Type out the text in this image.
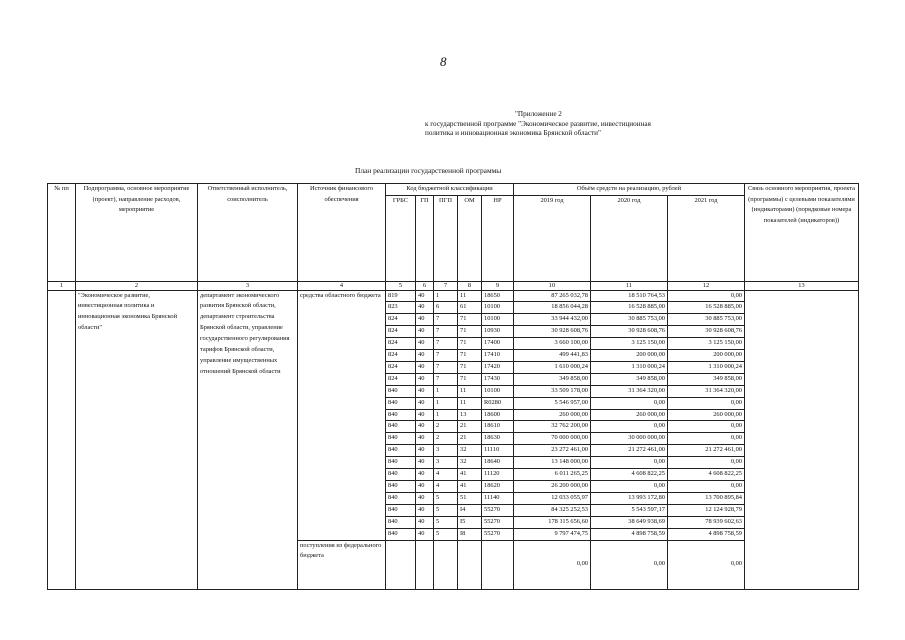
8
"Приложение 2
к государственной программе "Экономическое развитие, инвестиционная
политика и инновационная экономика Брянской области"
План реализации государственной программы
№ пп	Подпрограмма, основное мероприятие (проект), направление расходов, мероприятие	Ответственный исполнитель, соисполнитель	Источник финансового обеспечения	Код бюджетной классификации					Объём средств на реализацию, рублей			Связь основного мероприятия, проекта (программы) с целевыми показателями (индикаторами) (порядковые номера показателей (индикаторов))
				ГРБС	ГП	ПГП	ОМ	НР	2019 год	2020 год	2021 год	
1	2	3	4	5	6	7	8	9	10	11	12	13
	"Экономическое развитие, инвестиционная политика и инновационная экономика Брянской области"	департамент экономического развития Брянской области, департамент строительства Брянской области, управление государственного регулирования тарифов Брянской области, управление имущественных отношений Брянской области	средства областного бюджета	819	40	1	11	18650	87 265 032,78	18 510 764,53	0,00	
				823	40	6	61	10100	18 856 044,28	16 528 885,00	16 528 885,00	
				824	40	7	71	10100	33 944 432,00	30 885 753,00	30 885 753,00	
				824	40	7	71	10930	30 928 608,76	30 928 608,76	30 928 608,76	
				824	40	7	71	17400	3 660 100,00	3 125 150,00	3 125 150,00	
				824	40	7	71	17410	499 441,83	200 000,00	200 000,00	
				824	40	7	71	17420	1 610 000,24	1 310 000,24	1 310 000,24	
				824	40	7	71	17430	349 858,00	349 858,00	349 858,00	
				840	40	1	11	10100	33 509 178,00	31 364 320,00	31 364 320,00	
				840	40	1	11	R0280	5 546 957,00	0,00	0,00	
				840	40	1	13	18600	260 000,00	260 000,00	260 000,00	
				840	40	2	21	18610	32 762 200,00	0,00	0,00	
				840	40	2	21	18630	70 000 000,00	30 000 000,00	0,00	
				840	40	3	32	11110	23 272 461,00	21 272 461,00	21 272 461,00	
				840	40	3	32	18640	13 148 000,00	0,00	0,00	
				840	40	4	41	11120	6 011 265,25	4 608 822,25	4 608 822,25	
				840	40	4	41	18620	26 200 000,00	0,00	0,00	
				840	40	5	51	11140	12 033 055,97	13 993 172,80	13 700 895,84	
				840	40	5	I4	55270	84 325 252,53	5 543 597,17	12 124 928,79	
				840	40	5	I5	55270	178 115 656,60	38 649 938,69	78 939 602,63	
				840	40	5	I8	55270	9 797 474,75	4 898 758,59	4 898 758,59	
			поступления из федерального бюджета						0,00	0,00	0,00	
